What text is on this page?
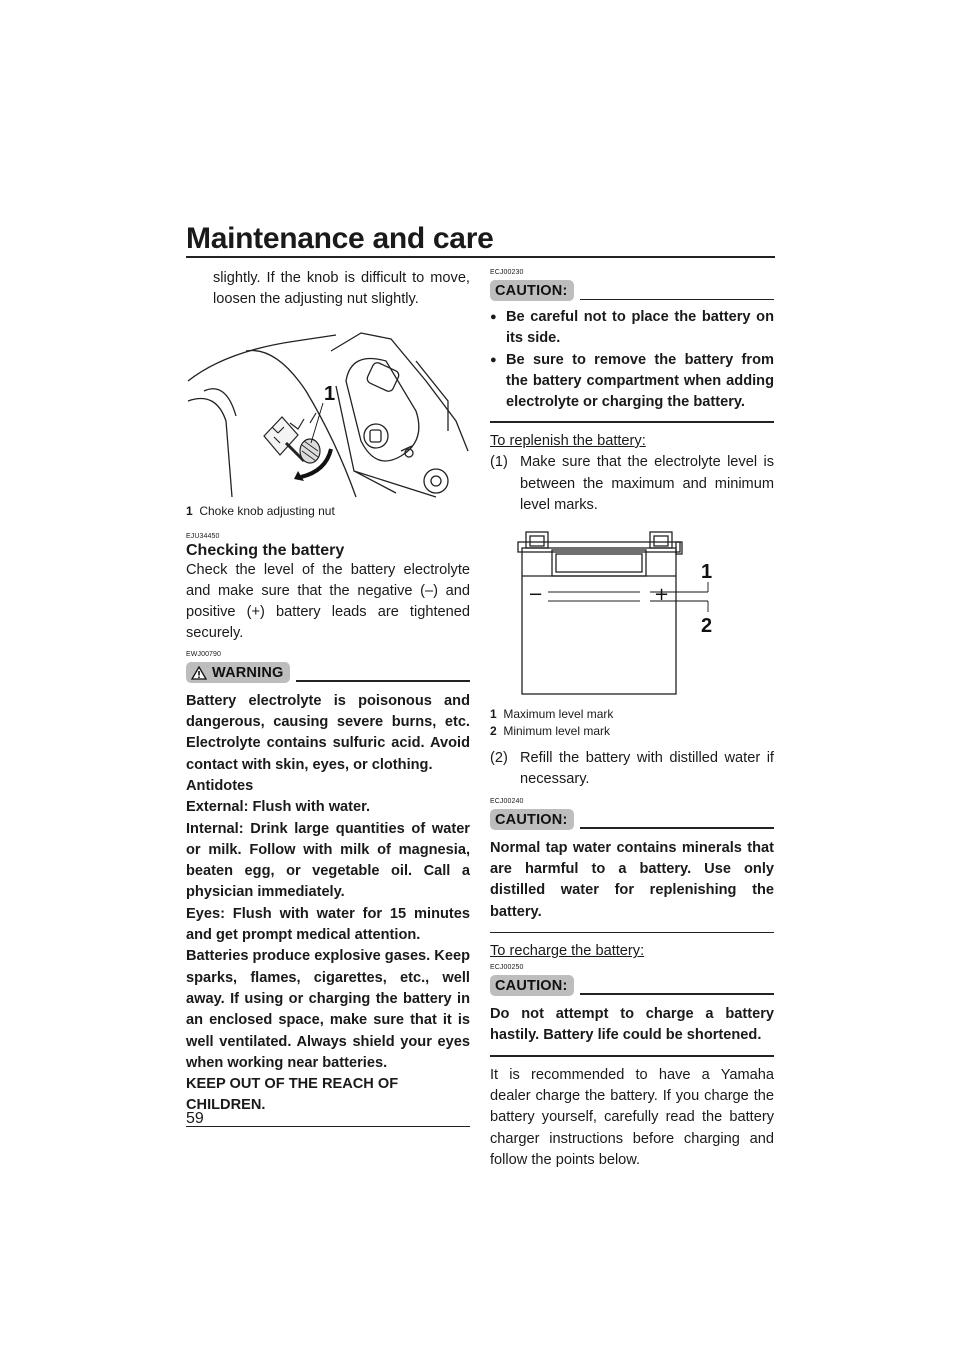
Maintenance and care

slightly. If the knob is difficult to move, loosen the adjusting nut slightly.

1

1 Choke knob adjusting nut

EJU34450

Checking the battery

Check the level of the battery electrolyte and make sure that the negative (–) and positive (+) battery leads are tightened securely.

EWJ00790

WARNING

Battery electrolyte is poisonous and dangerous, causing severe burns, etc. Electrolyte contains sulfuric acid. Avoid contact with skin, eyes, or clothing.

Antidotes

External: Flush with water.

Internal: Drink large quantities of water or milk. Follow with milk of magnesia, beaten egg, or vegetable oil. Call a physician immediately.

Eyes: Flush with water for 15 minutes and get prompt medical attention.

Batteries produce explosive gases. Keep sparks, flames, cigarettes, etc., well away. If using or charging the battery in an enclosed space, make sure that it is well ventilated. Always shield your eyes when working near batteries.

KEEP OUT OF THE REACH OF CHILDREN.

ECJ00230

CAUTION:
● Be careful not to place the battery on its side.
● Be sure to remove the battery from the battery compartment when adding electrolyte or charging the battery.

To replenish the battery:

(1) Make sure that the electrolyte level is between the maximum and minimum level marks.

−	+
1
2

1 Maximum level mark

2 Minimum level mark

(2) Refill the battery with distilled water if necessary.

ECJ00240

CAUTION:

Normal tap water contains minerals that are harmful to a battery. Use only distilled water for replenishing the battery.

To recharge the battery:

ECJ00250

CAUTION:

Do not attempt to charge a battery hastily. Battery life could be shortened.

It is recommended to have a Yamaha dealer charge the battery. If you charge the battery yourself, carefully read the battery charger instructions before charging and follow the points below.

59
